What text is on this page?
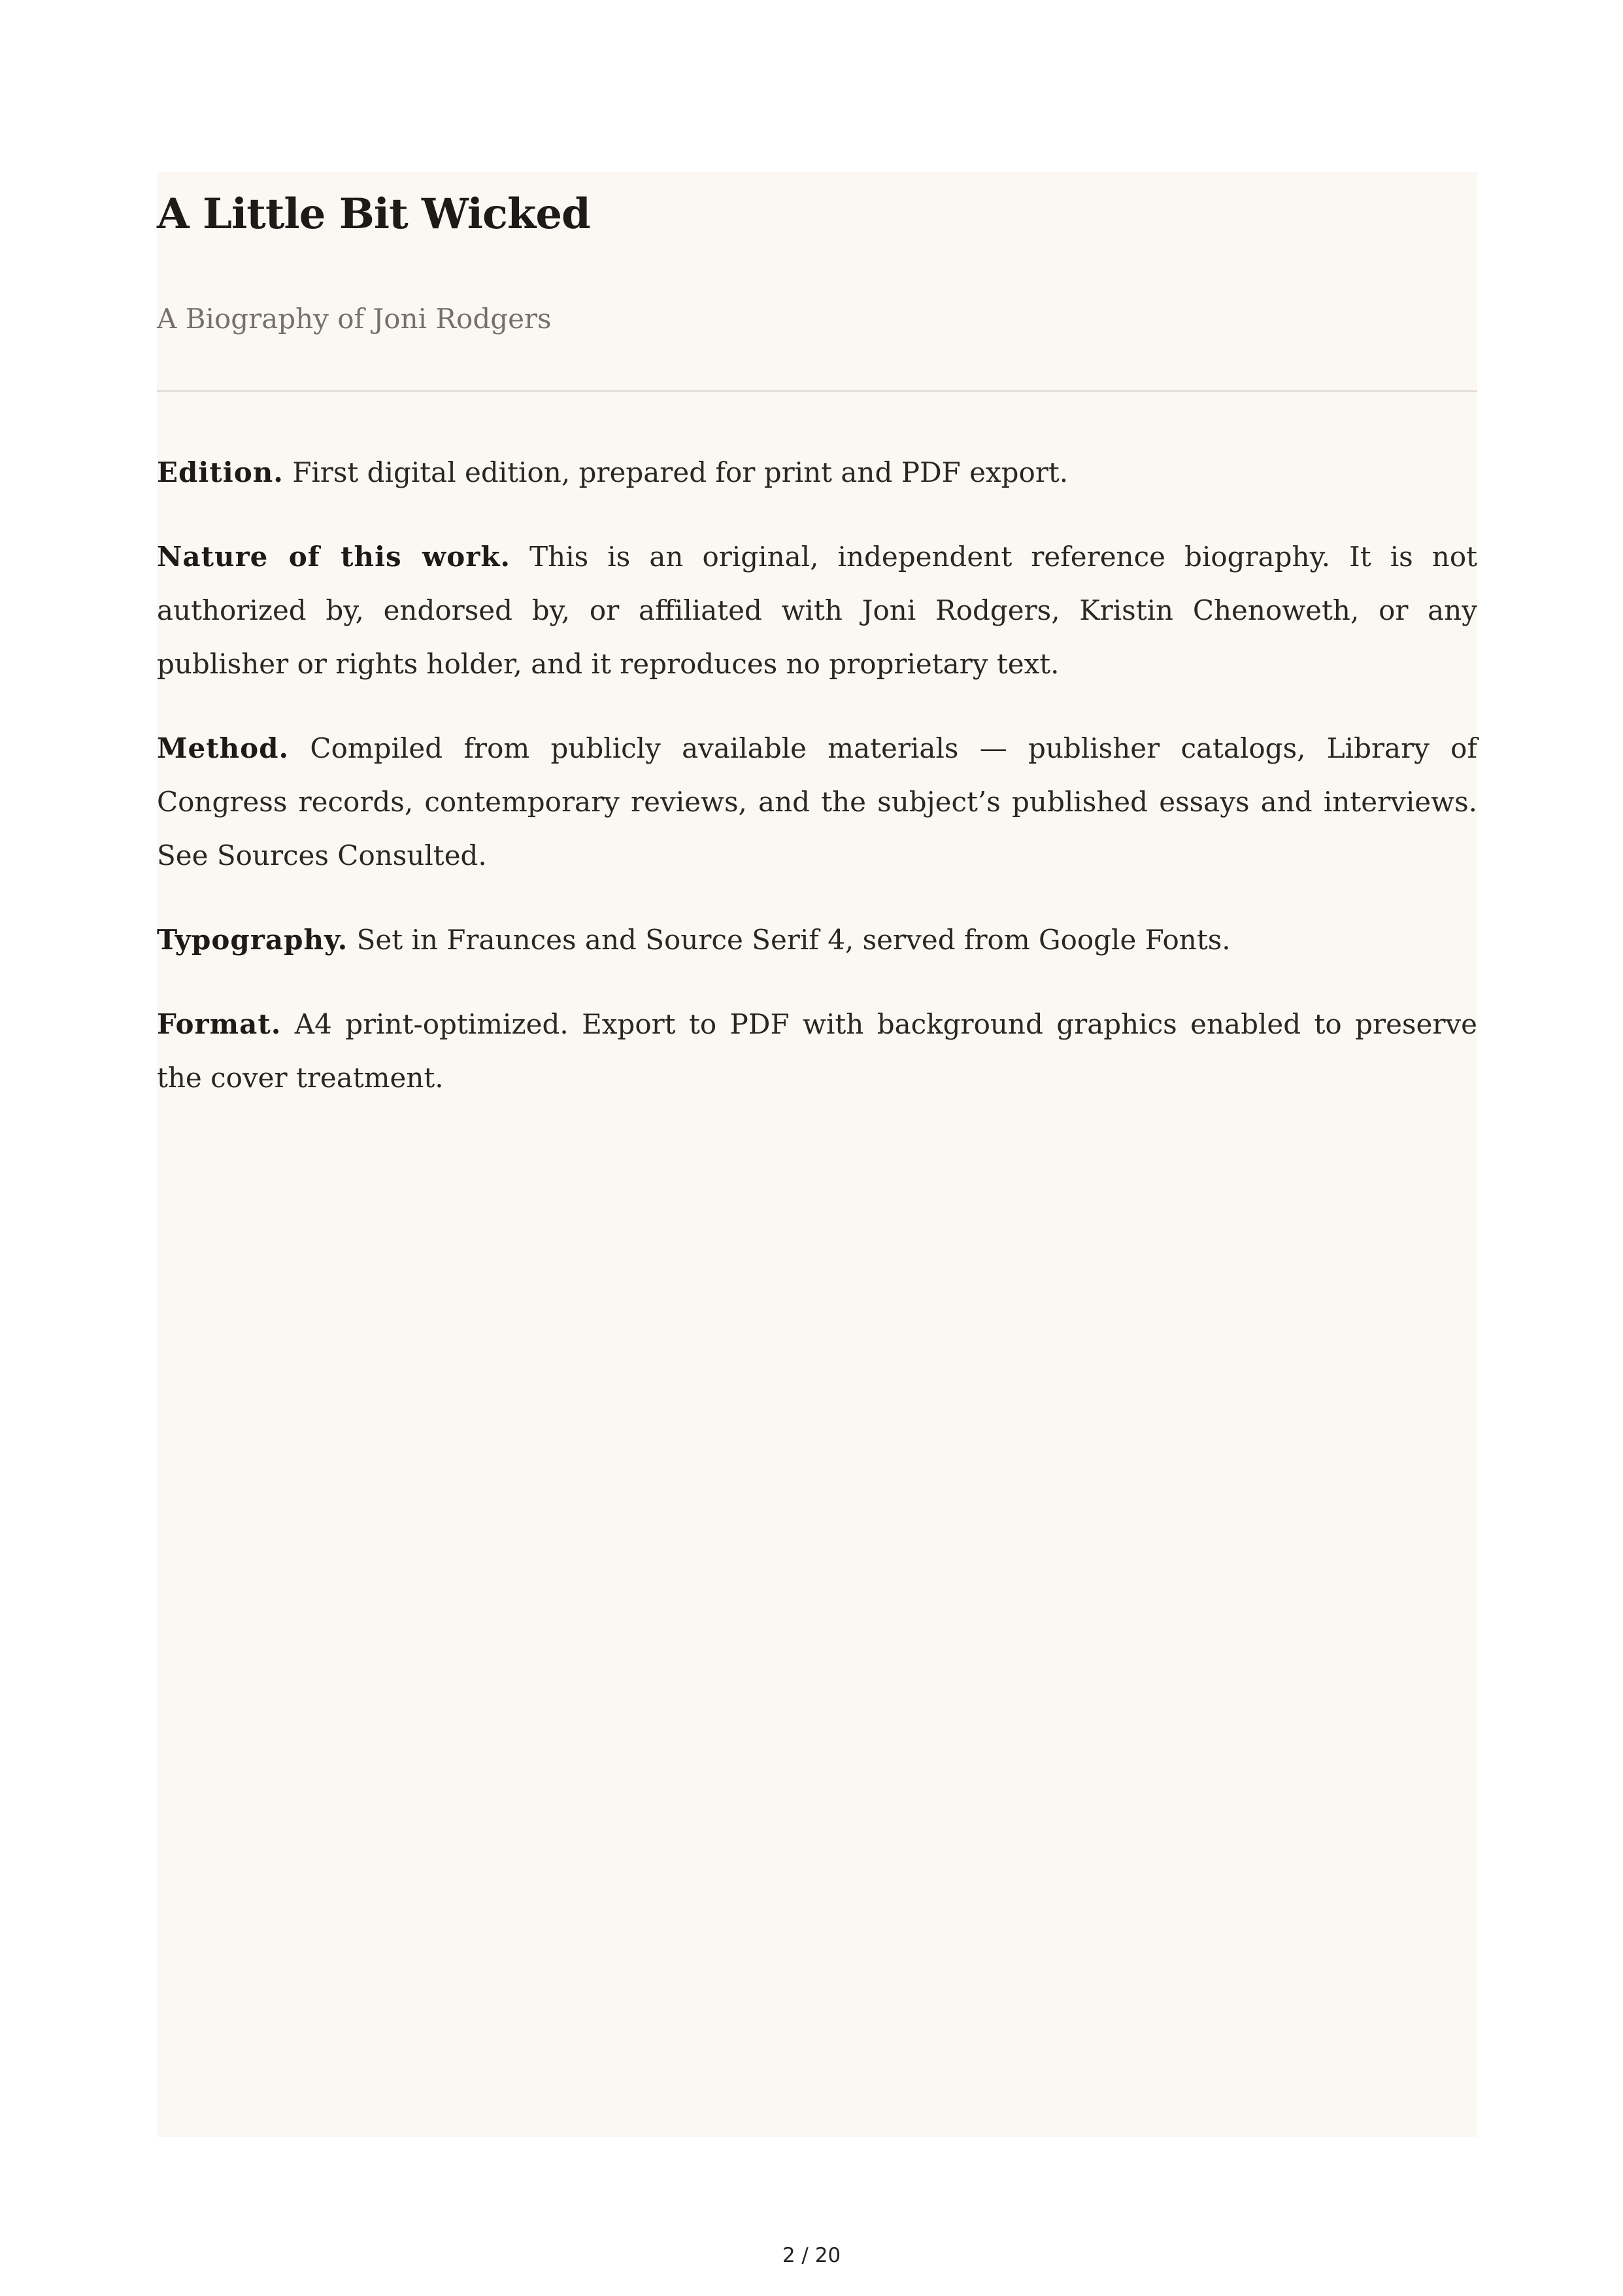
A Little Bit Wicked

A Biography of Joni Rodgers

Edition. First digital edition, prepared for print and PDF export.

Nature of this work. This is an original, independent reference biography. It is not authorized by, endorsed by, or affiliated with Joni Rodgers, Kristin Chenoweth, or any publisher or rights holder, and it reproduces no proprietary text.

Method. Compiled from publicly available materials — publisher catalogs, Library of Congress records, contemporary reviews, and the subject’s published essays and interviews. See Sources Consulted.

Typography. Set in Fraunces and Source Serif 4, served from Google Fonts.

Format. A4 print-optimized. Export to PDF with background graphics enabled to preserve the cover treatment.

2 / 20
